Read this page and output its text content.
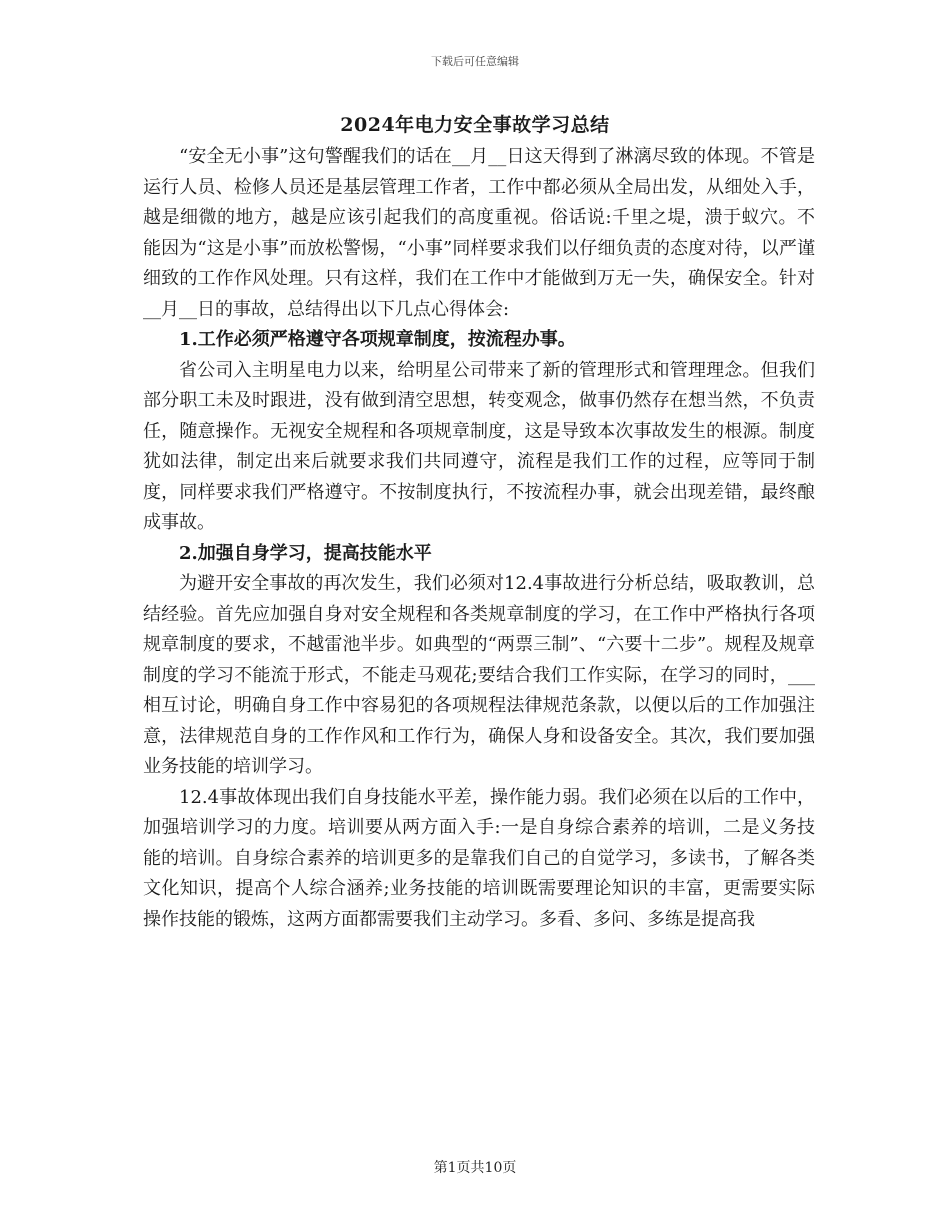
下载后可任意编辑
2024年电力安全事故学习总结

“安全无小事”这句警醒我们的话在__月__日这天得到了淋漓尽致的体现。不管是运行人员、检修人员还是基层管理工作者，工作中都必须从全局出发，从细处入手，越是细微的地方，越是应该引起我们的高度重视。俗话说:千里之堤，溃于蚁穴。不能因为“这是小事”而放松警惕，“小事”同样要求我们以仔细负责的态度对待，以严谨细致的工作作风处理。只有这样，我们在工作中才能做到万无一失，确保安全。针对__月__日的事故，总结得出以下几点心得体会:

1.工作必须严格遵守各项规章制度，按流程办事。

省公司入主明星电力以来，给明星公司带来了新的管理形式和管理理念。但我们部分职工未及时跟进，没有做到清空思想，转变观念，做事仍然存在想当然，不负责任，随意操作。无视安全规程和各项规章制度，这是导致本次事故发生的根源。制度犹如法律，制定出来后就要求我们共同遵守，流程是我们工作的过程，应等同于制度，同样要求我们严格遵守。不按制度执行，不按流程办事，就会出现差错，最终酿成事故。

2.加强自身学习，提高技能水平

为避开安全事故的再次发生，我们必须对12.4事故进行分析总结，吸取教训，总结经验。首先应加强自身对安全规程和各类规章制度的学习，在工作中严格执行各项规章制度的要求，不越雷池半步。如典型的“两票三制”、“六要十二步”。规程及规章制度的学习不能流于形式，不能走马观花;要结合我们工作实际，在学习的同时，___相互讨论，明确自身工作中容易犯的各项规程法律规范条款，以便以后的工作加强注意，法律规范自身的工作作风和工作行为，确保人身和设备安全。其次，我们要加强业务技能的培训学习。

12.4事故体现出我们自身技能水平差，操作能力弱。我们必须在以后的工作中，加强培训学习的力度。培训要从两方面入手:一是自身综合素养的培训，二是义务技能的培训。自身综合素养的培训更多的是靠我们自己的自觉学习，多读书，了解各类文化知识，提高个人综合涵养;业务技能的培训既需要理论知识的丰富，更需要实际操作技能的锻炼，这两方面都需要我们主动学习。多看、多问、多练是提高我

第1页共10页
